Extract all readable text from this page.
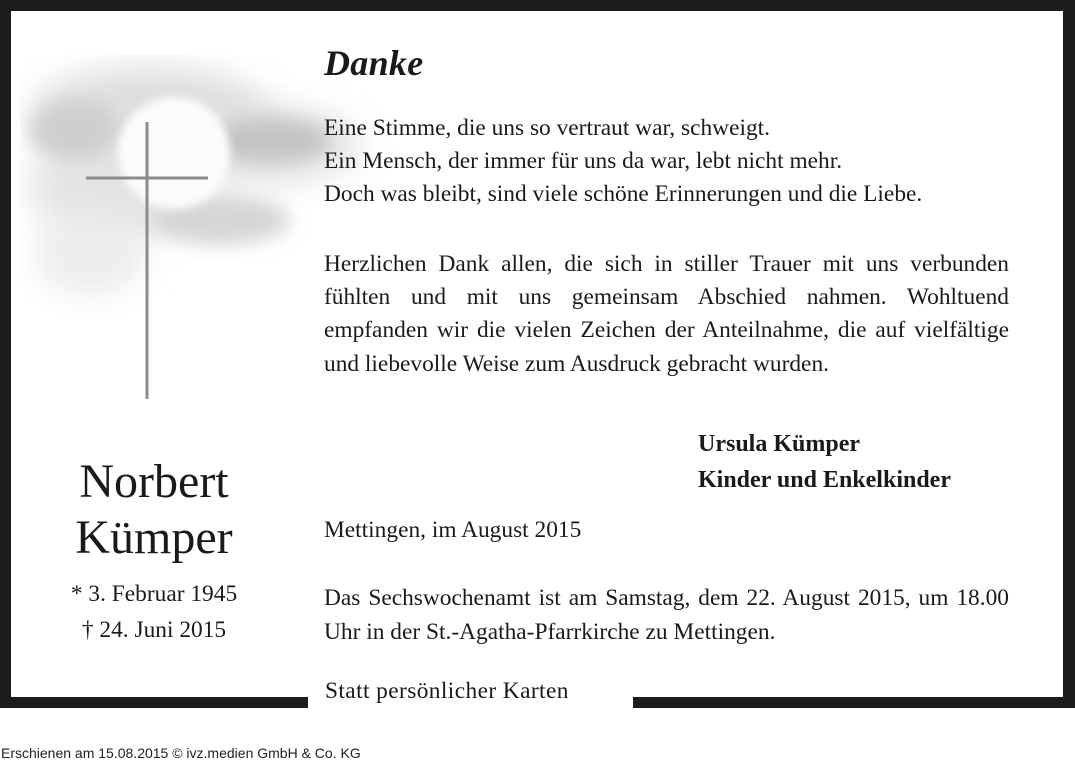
Danke
Eine Stimme, die uns so vertraut war, schweigt.
Ein Mensch, der immer für uns da war, lebt nicht mehr.
Doch was bleibt, sind viele schöne Erinnerungen und die Liebe.

Herzlichen Dank allen, die sich in stiller Trauer mit uns verbunden fühlten und mit uns gemeinsam Abschied nahmen. Wohltuend empfanden wir die vielen Zeichen der Anteilnahme, die auf vielfältige und liebevolle Weise zum Ausdruck gebracht wurden.

Ursula Kümper
Kinder und Enkelkinder
Mettingen, im August 2015

Das Sechswochenamt ist am Samstag, dem 22. August 2015, um 18.00 Uhr in der St.-Agatha-Pfarrkirche zu Mettingen.

Norbert
Kümper
* 3. Februar 1945
† 24. Juni 2015
Statt persönlicher Karten
Erschienen am 15.08.2015 © ivz.medien GmbH & Co. KG
